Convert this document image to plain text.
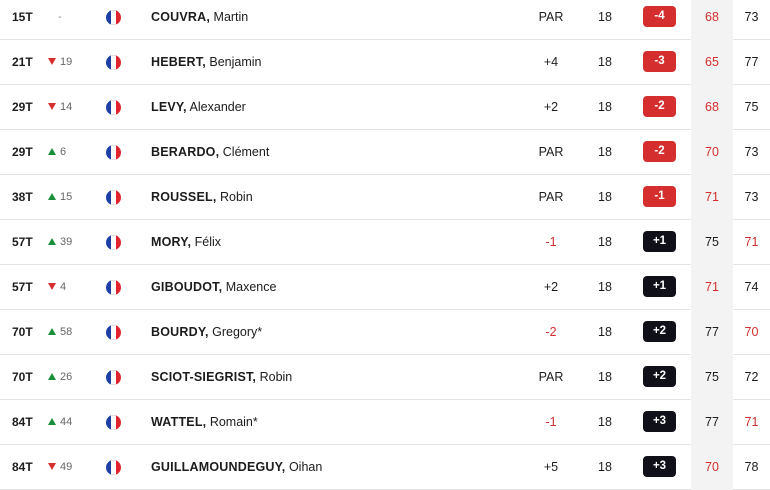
15T	-	COUVRA, Martin	PAR	18	-4	68	73
21T	19	HEBERT, Benjamin	+4	18	-3	65	77
29T	14	LEVY, Alexander	+2	18	-2	68	75
29T	6	BERARDO, Clément	PAR	18	-2	70	73
38T	15	ROUSSEL, Robin	PAR	18	-1	71	73
57T	39	MORY, Félix	-1	18	+1	75	71
57T	4	GIBOUDOT, Maxence	+2	18	+1	71	74
70T	58	BOURDY, Gregory*	-2	18	+2	77	70
70T	26	SCIOT-SIEGRIST, Robin	PAR	18	+2	75	72
84T	44	WATTEL, Romain*	-1	18	+3	77	71
84T	49	GUILLAMOUNDEGUY, Oihan	+5	18	+3	70	78
